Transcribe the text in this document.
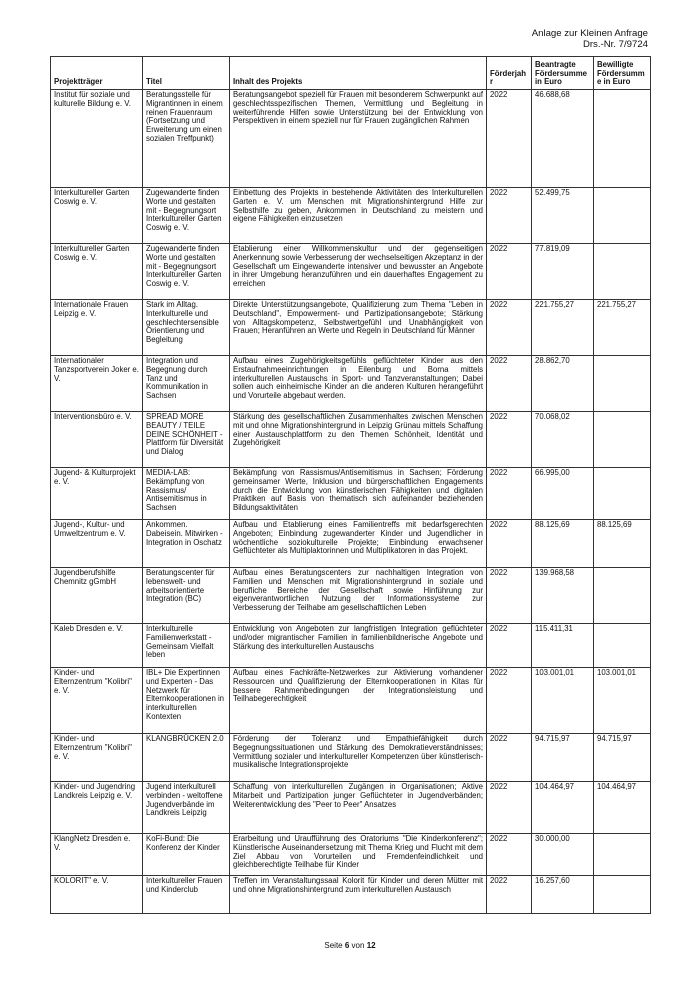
Anlage zur Kleinen Anfrage
Drs.-Nr. 7/9724
Projektträger	Titel	Inhalt des Projekts	Förderjahr	Beantragte Fördersumme in Euro	Bewilligte Fördersumme in Euro
Institut für soziale und kulturelle Bildung e. V.	Beratungsstelle für Migrantinnen in einem reinen Frauenraum (Fortsetzung und Erweiterung um einen sozialen Treffpunkt)	Beratungsangebot speziell für Frauen mit besonderem Schwerpunkt auf geschlechtsspezifischen Themen, Vermittlung und Begleitung in weiterführende Hilfen sowie Unterstützung bei der Entwicklung von Perspektiven in einem speziell nur für Frauen zugänglichen Rahmen	2022	46.688,68	
Interkultureller Garten Coswig e. V.	Zugewanderte finden Worte und gestalten mit - Begegnungsort Interkultureller Garten Coswig e. V.	Einbettung des Projekts in bestehende Aktivitäten des Interkulturellen Garten e. V. um Menschen mit Migrationshintergrund Hilfe zur Selbsthilfe zu geben, Ankommen in Deutschland zu meistern und eigene Fähigkeiten einzusetzen	2022	52.499,75	
Interkultureller Garten Coswig e. V.	Zugewanderte finden Worte und gestalten mit - Begegnungsort Interkultureller Garten Coswig e. V.	Etablierung einer Willkommenskultur und der gegenseitigen Anerkennung sowie Verbesserung der wechselseitigen Akzeptanz in der Gesellschaft um Eingewanderte intensiver und bewusster an Angebote in ihrer Umgebung heranzuführen und ein dauerhaftes Engagement zu erreichen	2022	77.819,09	
Internationale Frauen Leipzig e. V.	Stark im Alltag. Interkulturelle und geschlechtersensible Orientierung und Begleitung	Direkte Unterstützungsangebote, Qualifizierung zum Thema "Leben in Deutschland", Empowerment- und Partizipationsangebote; Stärkung von Alltagskompetenz, Selbstwertgefühl und Unabhängigkeit von Frauen; Heranführen an Werte und Regeln in Deutschland für Männer	2022	221.755,27	221.755,27
Internationaler Tanzsportverein Joker e. V.	Integration und Begegnung durch Tanz und Kommunikation in Sachsen	Aufbau eines Zugehörigkeitsgefühls geflüchteter Kinder aus den Erstaufnahmeeinrichtungen in Eilenburg und Borna mittels interkulturellen Austauschs in Sport- und Tanzveranstaltungen; Dabei sollen auch einheimische Kinder an die anderen Kulturen herangeführt und Vorurteile abgebaut werden.	2022	28.862,70	
Interventionsbüro e. V.	SPREAD MORE BEAUTY / TEILE DEINE SCHÖNHEIT - Plattform für Diversität und Dialog	Stärkung des gesellschaftlichen Zusammenhaltes zwischen Menschen mit und ohne Migrationshintergrund in Leipzig Grünau mittels Schaffung einer Austauschplattform zu den Themen Schönheit, Identität und Zugehörigkeit	2022	70.068,02	
Jugend- & Kulturprojekt e. V.	MEDIA-LAB: Bekämpfung von Rassismus/ Antisemitismus in Sachsen	Bekämpfung von Rassismus/Antisemitismus in Sachsen; Förderung gemeinsamer Werte, Inklusion und bürgerschaftlichen Engagements durch die Entwicklung von künstlerischen Fähigkeiten und digitalen Praktiken auf Basis von thematisch sich aufeinander beziehenden Bildungsaktivitäten	2022	66.995,00	
Jugend-, Kultur- und Umweltzentrum e. V.	Ankommen. Dabeisein. Mitwirken - Integration in Oschatz	Aufbau und Etablierung eines Familientreffs mit bedarfsgerechten Angeboten; Einbindung zugewanderter Kinder und Jugendlicher in wöchentliche soziokulturelle Projekte; Einbindung erwachsener Geflüchteter als Multiplaktorinnen und Multiplikatoren in das Projekt.	2022	88.125,69	88.125,69
Jugendberufshilfe Chemnitz gGmbH	Beratungscenter für lebenswelt- und arbeitsorientierte Integration (BC)	Aufbau eines Beratungscenters zur nachhaltigen Integration von Familien und Menschen mit Migrationshintergrund in soziale und berufliche Bereiche der Gesellschaft sowie Hinführung zur eigenverantwortlichen Nutzung der Informationssysteme zur Verbesserung der Teilhabe am gesellschaftlichen Leben	2022	139.968,58	
Kaleb Dresden e. V.	Interkulturelle Familienwerkstatt - Gemeinsam Vielfalt leben	Entwicklung von Angeboten zur langfristigen Integration geflüchteter und/oder migrantischer Familien in familienbildnerische Angebote und Stärkung des interkulturellen Austauschs	2022	115.411,31	
Kinder- und Elternzentrum "Kolibri" e. V.	IBL+ Die Expertinnen und Experten - Das Netzwerk für Elternkooperationen in interkulturellen Kontexten	Aufbau eines Fachkräfte-Netzwerkes zur Aktivierung vorhandener Ressourcen und Qualifizierung der Elternkooperationen in Kitas für bessere Rahmenbedingungen der Integrationsleistung und Teilhabegerechtigkeit	2022	103.001,01	103.001,01
Kinder- und Elternzentrum "Kolibri" e. V.	KLANGBRÜCKEN 2.0	Förderung der Toleranz und Empathiefähigkeit durch Begegnungssituationen und Stärkung des Demokratieverständnisses; Vermittlung sozialer und interkultureller Kompetenzen über künstlerisch-musikalische Integrationsprojekte	2022	94.715,97	94.715,97
Kinder- und Jugendring Landkreis Leipzig e. V.	Jugend interkulturell verbinden - weltoffene Jugendverbände im Landkreis Leipzig	Schaffung von interkulturellen Zugängen in Organisationen; Aktive Mitarbeit und Partizipation junger Geflüchteter in Jugendverbänden; Weiterentwicklung des "Peer to Peer" Ansatzes	2022	104.464,97	104.464,97
KlangNetz Dresden e. V.	KoFi-Bund: Die Konferenz der Kinder	Erarbeitung und Uraufführung des Oratoriums "Die Kinderkonferenz"; Künstlerische Auseinandersetzung mit Thema Krieg und Flucht mit dem Ziel Abbau von Vorurteilen und Fremdenfeindlichkeit und gleichberechtigte Teilhabe für Kinder	2022	30.000,00	
KOLORIT" e. V.	Interkultureller Frauen und Kinderclub	Treffen im Veranstaltungssaal Kolorit für Kinder und deren Mütter mit und ohne Migrationshintergrund zum interkulturellen Austausch	2022	16.257,60	
Seite 6 von 12
